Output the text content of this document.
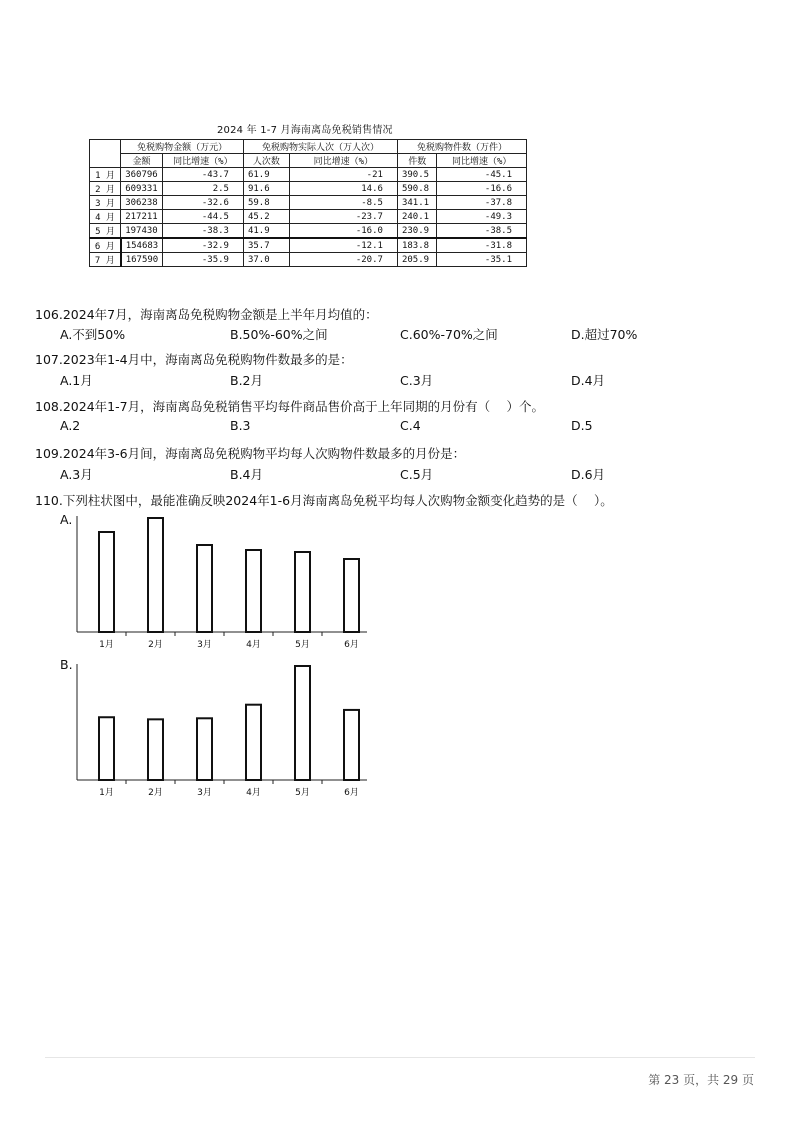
2024 年 1-7 月海南离岛免税销售情况
	免税购物金额（万元）		免税购物实际人次（万人次）		免税购物件数（万件）	
	金额	同比增速（%）	人次数	同比增速（%）	件数	同比增速（%）
1 月	360796	-43.7	61.9	-21	390.5	-45.1
2 月	609331	2.5	91.6	14.6	590.8	-16.6
3 月	306238	-32.6	59.8	-8.5	341.1	-37.8
4 月	217211	-44.5	45.2	-23.7	240.1	-49.3
5 月	197430	-38.3	41.9	-16.0	230.9	-38.5
6 月	154683	-32.9	35.7	-12.1	183.8	-31.8
7 月	167590	-35.9	37.0	-20.7	205.9	-35.1
106.2024年7月，海南离岛免税购物金额是上半年月均值的：
A.不到50%	B.50%-60%之间	C.60%-70%之间	D.超过70%
107.2023年1-4月中，海南离岛免税购物件数最多的是：
A.1月	B.2月	C.3月	D.4月
108.2024年1-7月，海南离岛免税销售平均每件商品售价高于上年同期的月份有（　 ）个。
A.2	B.3	C.4	D.5
109.2024年3-6月间，海南离岛免税购物平均每人次购物件数最多的月份是：
A.3月	B.4月	C.5月	D.6月
110.下列柱状图中，最能准确反映2024年1-6月海南离岛免税平均每人次购物金额变化趋势的是（　 ）。
A.
1月	2月	3月	4月	5月	6月
B.
1月	2月	3月	4月	5月	6月
第 23 页，共 29 页
